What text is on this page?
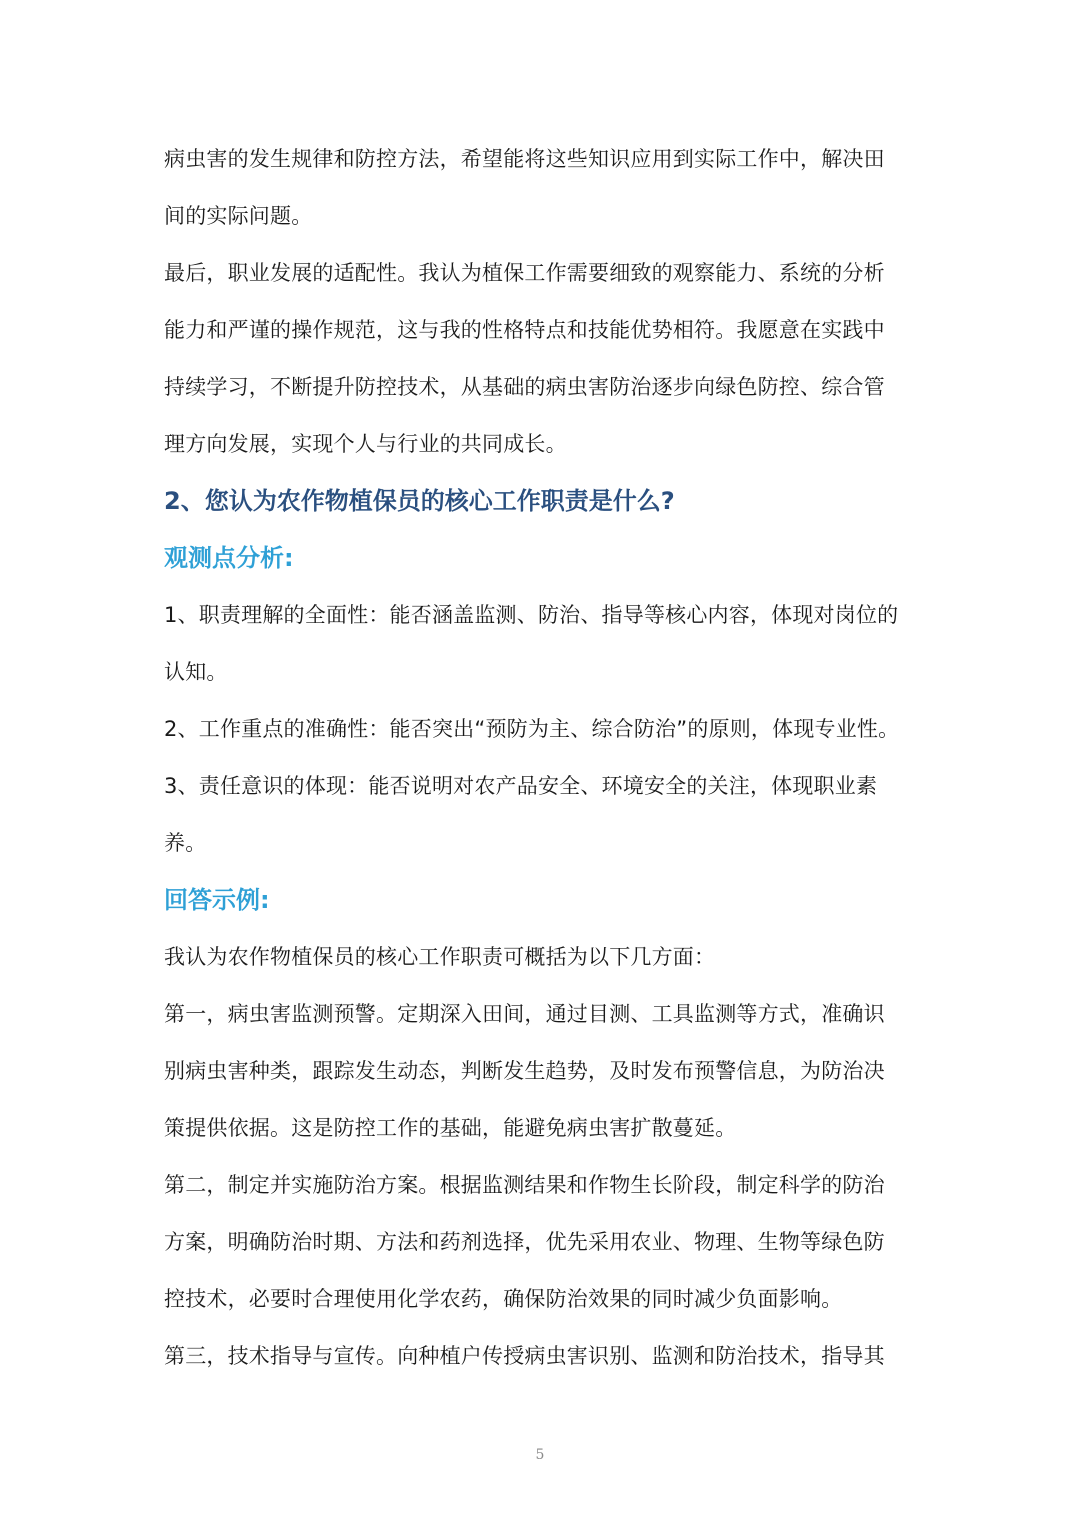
病虫害的发生规律和防控方法，希望能将这些知识应用到实际工作中，解决田
间的实际问题。
最后，职业发展的适配性。我认为植保工作需要细致的观察能力、系统的分析
能力和严谨的操作规范，这与我的性格特点和技能优势相符。我愿意在实践中
持续学习，不断提升防控技术，从基础的病虫害防治逐步向绿色防控、综合管
理方向发展，实现个人与行业的共同成长。
2、您认为农作物植保员的核心工作职责是什么?
观测点分析:
1、职责理解的全面性：能否涵盖监测、防治、指导等核心内容，体现对岗位的
认知。
2、工作重点的准确性：能否突出“预防为主、综合防治”的原则，体现专业性。
3、责任意识的体现：能否说明对农产品安全、环境安全的关注，体现职业素
养。
回答示例:
我认为农作物植保员的核心工作职责可概括为以下几方面：
第一，病虫害监测预警。定期深入田间，通过目测、工具监测等方式，准确识
别病虫害种类，跟踪发生动态，判断发生趋势，及时发布预警信息，为防治决
策提供依据。这是防控工作的基础，能避免病虫害扩散蔓延。
第二，制定并实施防治方案。根据监测结果和作物生长阶段，制定科学的防治
方案，明确防治时期、方法和药剂选择，优先采用农业、物理、生物等绿色防
控技术，必要时合理使用化学农药，确保防治效果的同时减少负面影响。
第三，技术指导与宣传。向种植户传授病虫害识别、监测和防治技术，指导其
5
